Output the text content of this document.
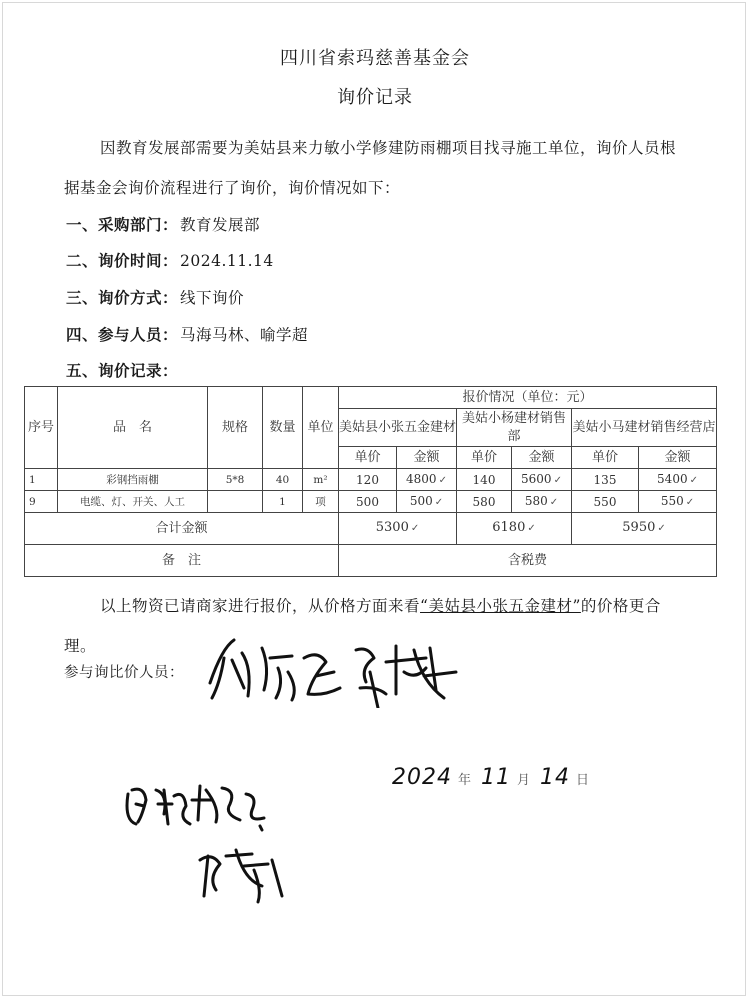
四川省索玛慈善基金会
询价记录
因教育发展部需要为美姑县来力敏小学修建防雨棚项目找寻施工单位，询价人员根据基金会询价流程进行了询价，询价情况如下：
一、采购部门： 教育发展部
二、询价时间： 2024.11.14
三、询价方式： 线下询价
四、参与人员： 马海马林、喻学超
五、询价记录：
序号	品　名	规格	数量	单位	报价情况（单位：元）					
					美姑县小张五金建材		美姑小杨建材销售部		美姑小马建材销售经营店	
					单价	金额	单价	金额	单价	金额
1	彩钢挡雨棚	5*8	40	m²	120	4800 ✓	140	5600 ✓	135	5400 ✓
9	电缆、灯、开关、人工		1	项	500	500 ✓	580	580 ✓	550	550 ✓
合计金额					5300 ✓		6180 ✓		5950 ✓	
备　注					含税费					
以上物资已请商家进行报价，从价格方面来看“美姑县小张五金建材”的价格更合理。
参与询比价人员：
2024 年 11 月 14 日
